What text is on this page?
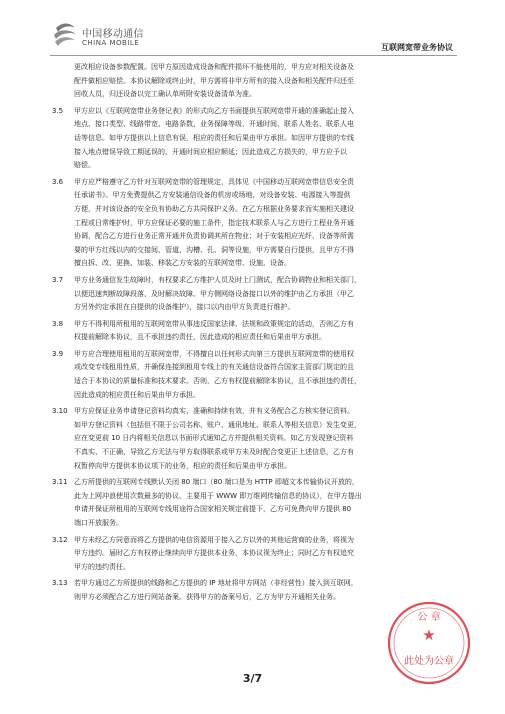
中国移动通信
CHINA MOBILE	互联网宽带业务协议
更改相应设备参数配置。因甲方原因造成设备和配件损坏不能使用的，甲方应对相关设备及
配件做相应赔偿。本协议解除或终止时，甲方需将非甲方所有的接入设备和相关配件归还至
回收人员，归还设备以完工确认单所附安装设备清单为准。
3.5 甲方应以《互联网宽带业务登记表》的形式向乙方书面提供互联网宽带开通的准确起止接入
地点、接口类型、线路带宽、电路条数、业务保障等级、开通时间、联系人姓名、联系人电
话等信息。如甲方提供以上信息有误，相应的责任和后果由甲方承担。如因甲方提供的专线
接入地点错误导致工期延误的，开通时间应相应顺延；因此造成乙方损失的，甲方应予以
赔偿。
3.6 甲方应严格遵守乙方针对互联网宽带的管理规定，具体见《中国移动互联网宽带信息安全责
任承诺书》。甲方免费提供乙方安装通信设备的机房或场地，对设备安装、电源接入等提供
方便，并对该设备的安全负有协助乙方共同保护义务。在乙方根据业务要求而实施相关建设
工程或日常维护时，甲方应保证必要的施工条件，指定技术联系人与乙方进行工程业务开通
协调，配合乙方进行业务正常开通并负责协调其所在物业；对于安装相应光纤、设备等所需
要的甲方红线以内的交接间、管道、沟槽、孔、洞等设施，甲方需要自行提供，且甲方不得
擅自拆、改、更换、加装、移装乙方安装的互联网宽带、设施、设备。
3.7 甲方业务通信发生故障时，有权要求乙方维护人员及时上门测试，配合协调物业和相关部门，
以便迅速判断故障段落，及时解决故障。甲方侧网络设备接口以外的维护由乙方承担（甲乙
方另外约定承担在自提供的设备维护），接口以内由甲方负责进行维护。
3.8 甲方不得利用所租用的互联网宽带从事违反国家法律、法规和政策规定的活动，否则乙方有
权提前解除本协议，且不承担违约责任，因此造成的相应责任和后果由甲方承担。
3.9 甲方应合理使用租用的互联网宽带，不得擅自以任何形式向第三方提供互联网宽带的使用权
或改变专线租用性质，并确保连接到租用专线上的有关通信设备符合国家主管部门规定的且
适合于本协议的质量标准和技术要求。否则，乙方有权提前解除本协议，且不承担违约责任，
因此造成的相应责任和后果由甲方承担。
3.10 甲方应保证业务申请登记资料均真实、准确和持续有效，并有义务配合乙方核实登记资料。
如甲方登记资料（包括但不限于公司名称、账户、通讯地址、联系人等相关信息）发生变更，
应在变更前 10 日内将相关信息以书面形式通知乙方并提供相关资料。如乙方发现登记资料
不真实、不正确，导致乙方无法与甲方取得联系或甲方未及时配合变更正上述信息，乙方有
权暂停向甲方提供本协议项下的业务，相应的责任和后果由甲方承担。
3.11 乙方所提供的互联网专线默认关闭 80 端口（80 端口是为 HTTP 即超文本传输协议开放的，
此为上网冲浪使用次数最多的协议，主要用于 WWW 即万维网传输信息的协议），在甲方提出
申请并保证所租用的互联网专线用途符合国家相关规定前提下，乙方可免费向甲方提供 80
端口开放服务。
3.12 甲方未经乙方同意而将乙方提供的电信资源用于接入乙方以外的其他运营商的业务，将视为
甲方违约。届时乙方有权停止继续向甲方提供本业务，本协议视为终止；同时乙方有权追究
甲方的违约责任。
3.13 若甲方通过乙方所提供的线路和乙方提供的 IP 地址将甲方网站（非经营性）接入到互联网，
则甲方必须配合乙方进行网站备案。获得甲方的备案号后，乙方为甲方开通相关业务。
3/7
★
公 章
此处为公章
